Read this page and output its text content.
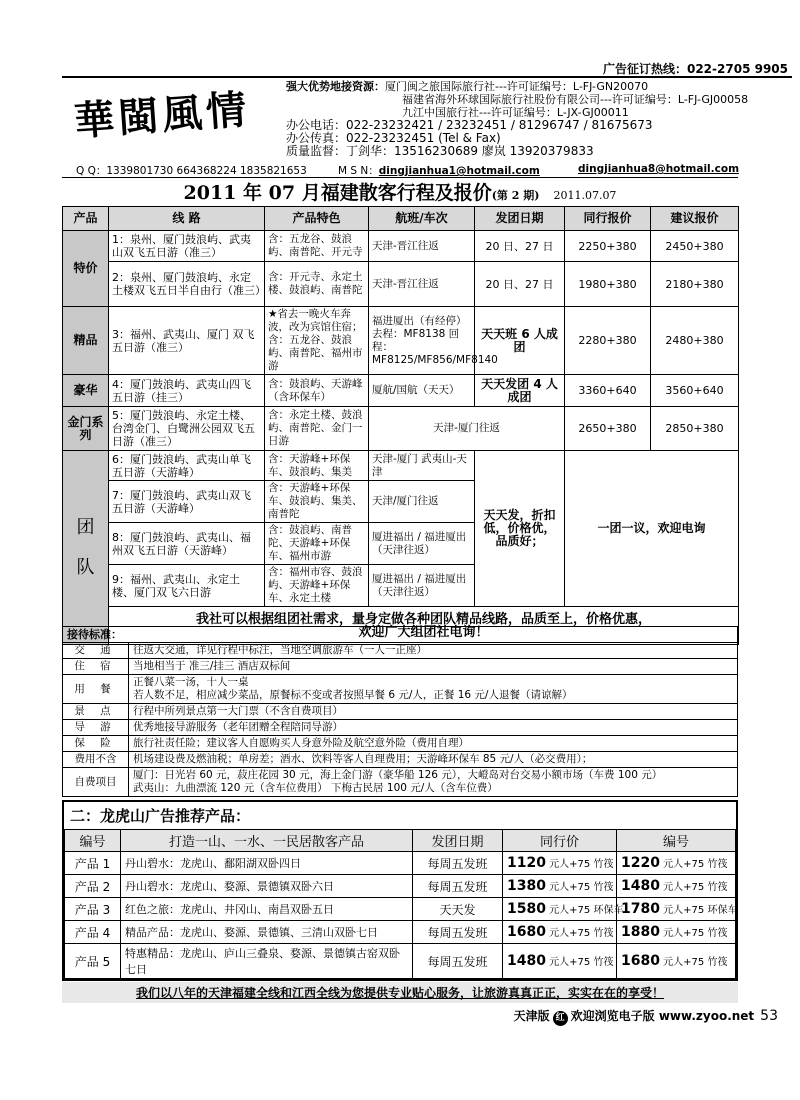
广告征订热线：022-2705 9905
華閩風情	强大优势地接资源：厦门闽之旅国际旅行社---许可证编号：L-FJ-GN20070
福建省海外环球国际旅行社股份有限公司---许可证编号：L-FJ-GJ00058
九江中国旅行社---许可证编号：L-JX-GJ00011
办公电话：022-23232421 / 23232451 / 81296747 / 81675673
办公传真：022-23232451 (Tel & Fax)
质量监督：丁剑华：13516230689 廖岚 13920379833
Q Q：1339801730 664368224 1835821653	M S N：dingjianhua1@hotmail.com	dingjianhua8@hotmail.com
2011 年 07 月福建散客行程及报价(第 2 期) 2011.07.07
产品	线 路	产品特色	航班/车次	发团日期	同行报价	建议报价
特价	1：泉州、厦门鼓浪屿、武夷山双飞五日游（准三）	含：五龙谷、鼓浪屿、南普陀、开元寺	天津-晋江往返	20 日、27 日	2250+380	2450+380
	2：泉州、厦门鼓浪屿、永定土楼双飞五日半自由行（准三）	含：开元寺、永定土楼、鼓浪屿、南普陀	天津-晋江往返	20 日、27 日	1980+380	2180+380
精品	3：福州、武夷山、厦门 双飞五日游（准三）	★省去一晚火车奔波，改为宾馆住宿；含：五龙谷、鼓浪屿、南普陀、福州市游	福进厦出（有经停）去程：MF8138 回程：MF8125/MF856/MF8140	天天班 6 人成团	2280+380	2480+380
豪华	4：厦门鼓浪屿、武夷山四飞五日游（挂三）	含：鼓浪屿、天游峰（含环保车）	厦航/国航（天天）	天天发团 4 人成团	3360+640	3560+640
金门系列	5：厦门鼓浪屿、永定土楼、台湾金门、白鹭洲公园双飞五日游（准三）	含：永定土楼、鼓浪屿、南普陀、金门一日游	天津-厦门往返		2650+380	2850+380
团 队	6：厦门鼓浪屿、武夷山单飞五日游（天游峰）	含：天游峰+环保车、鼓浪屿、集美	天津-厦门 武夷山-天津	天天发，折扣低，价格优，品质好；	一团一议，欢迎电询	
	7：厦门鼓浪屿、武夷山双飞五日游（天游峰）	含：天游峰+环保车、鼓浪屿、集美、南普陀	天津/厦门往返			
	8：厦门鼓浪屿、武夷山、福州双飞五日游（天游峰）	含：鼓浪屿、南普陀、天游峰+环保车、福州市游	厦进福出 / 福进厦出（天津往返）			
	9：福州、武夷山、永定土楼、厦门双飞六日游	含：福州市容、鼓浪屿、天游峰+环保车、永定土楼	厦进福出 / 福进厦出（天津往返）			

	我社可以根据组团社需求，量身定做各种团队精品线路，品质至上，价格优惠，
欢迎广大组团社电询！					
接待标准：	
交 通	往返大交通，详见行程中标注，当地空调旅游车（一人一正座）
住 宿	当地相当于 准三/挂三 酒店双标间
用 餐	正餐八菜一汤，十人一桌
若人数不足，相应减少菜品，原餐标不变或者按照早餐 6 元/人，正餐 16 元/人退餐（请谅解）

景 点	行程中所列景点第一大门票（不含自费项目）
导 游	优秀地接导游服务（老年团赠全程陪同导游）
保 险	旅行社责任险；建议客人自愿购买人身意外险及航空意外险（费用自理）
费用不含	机场建设费及燃油税；单房差；酒水、饮料等客人自理费用；天游峰环保车 85 元/人（必交费用）；
自费项目	厦门：日光岩 60 元，菽庄花园 30 元，海上金门游（豪华船 126 元），大嶝岛对台交易小额市场（车费 100 元）
武夷山：九曲漂流 120 元（含车位费用） 下梅古民居 100 元/人（含车位费）
二：龙虎山广告推荐产品：
编号	打造一山、一水、一民居散客产品	发团日期	同行价	编号
产品 1	丹山碧水：龙虎山、鄱阳湖双卧四日	每周五发班	1120 元人+75 竹筏	1220 元人+75 竹筏
产品 2	丹山碧水：龙虎山、婺源、景德镇双卧六日	每周五发班	1380 元人+75 竹筏	1480 元人+75 竹筏
产品 3	红色之旅：龙虎山、井冈山、南昌双卧五日	天天发	1580 元人+75 环保车	1780 元人+75 环保车
产品 4	精品产品：龙虎山、婺源、景德镇、三清山双卧七日	每周五发班	1680 元人+75 竹筏	1880 元人+75 竹筏
产品 5	特惠精品：龙虎山、庐山三叠泉、婺源、景德镇古窑双卧七日	每周五发班	1480 元人+75 竹筏	1680 元人+75 竹筏
我们以八年的天津福建全线和江西全线为您提供专业贴心服务，让旅游真真正正，实实在在的享受！
天津版 红 欢迎浏览电子版 www.zyoo.net 53
